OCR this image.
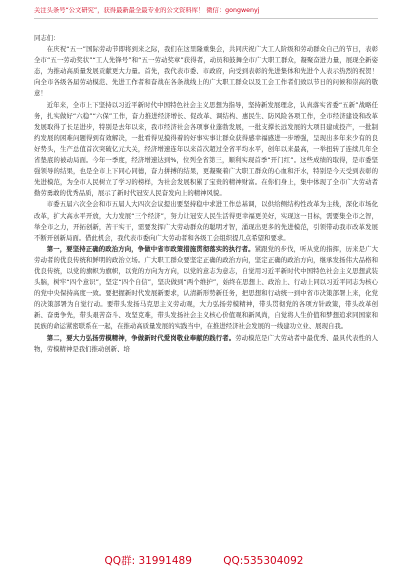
关注头条号“公文研究”，获得最新最全最专业的公文资料库！ 微信：gongwenyj

同志们：

在庆祝“五一”国际劳动节即将到来之际，我们在这里隆重集会，共同庆祝广大工人阶级和劳动群众自己的节日，表彰全市“五一劳动奖状”“工人先锋号”和“五一劳动奖章”获得者，动员和鼓舞全市广大职工群众，凝聚奋进力量，展现全新姿态，为推动高质量发展贡献更大力量。首先，我代表市委、市政府，向受到表彰的先进集体和先进个人表示热烈的祝贺！向全市各级各届劳动模范、先进工作者和奋战在各条战线上的广大职工群众以及工会工作者们致以节日的问候和崇高的敬意！

近年来，全市上下坚持以习近平新时代中国特色社会主义思想为指导，坚持新发展理念，认真落实省委“五新”战略任务，扎实做好“六稳”“六保”工作，奋力推进经济增长、促改革、调结构、惠民生、防风险各项工作，全市经济建设和改革发展取得了长足进步，特别是去年以来，我市经济社会各项事业蓬勃发展，一批支撑长远发展的大项目建成投产，一批制约发展的困难问题得到有效解决，一批看得见摸得着的好事实事让群众获得感幸福感进一步增强，呈现出多年来少有的良好势头，生产总值首次突破亿元大关，经济增速连年以来首次超过全省平均水平，创年以来最高，一举扭转了连续几年全省垫底的被动局面。今年一季度，经济增速达到%，位列全省第三，顺利实现首季“开门红”。这些成绩的取得，是市委坚强领导的结果，也是全市上下同心同德，奋力拼搏的结果，更凝聚着广大职工群众的心血和汗水，特别是今天受到表彰的先进模范，为全市人民树立了学习的榜样，为社会发展积累了宝贵的精神财富。在你们身上，集中体现了全市广大劳动者勤劳勇敢的优秀品质，展示了新时代冠安人民奋发向上的精神风貌。

市委五届六次全会和市五届人大四次会议提出要坚持稳中求进工作总基调，以供给侧结构性改革为主线，深化市场化改革，扩大高水平开放，大力发展“三个经济”，努力让冠安人民生活得更幸福更美好，实现这一目标，需要集全市之智，举全市之力，开拓创新，苦干实干，需要发挥广大劳动群众的聪明才智，涌现出更多的先进模范，引领带动我市改革发展不断开创新局面。借此机会，我代表市委向广大劳动者和各级工会组织提几点希望和要求。

第一，要坚持正确的政治方向，争做中省市政策措施贯彻落实的执行者。紧跟党的步伐，听从党的指挥，历来是广大劳动者的优良传统和鲜明的政治立场。广大职工群众要坚定正确的政治方向，坚定正确的政治方向，继承发扬伟大品格和优良传统，以党的旗帜为旗帜，以党的方向为方向，以党的意志为意志，自觉用习近平新时代中国特色社会主义思想武装头脑，树牢“四个意识”，坚定“四个自信”，坚决做到“两个维护”，始终在思想上、政治上、行动上同以习近平同志为核心的党中央保持高度一致。要把握新时代发展新要求，认清新形势新任务，把思想和行动统一到中省市决策部署上来，化党的决策部署为自觉行动。要带头发扬马克思主义劳动观，大力弘扬劳模精神，带头贯彻党的各项方针政策，带头改革创新、奋勇争先，带头艰苦奋斗、攻坚克难，带头发扬社会主义核心价值观和新风尚，自觉将人生价值和梦想追求同国家和民族的命运紧密联系在一起，在推动高质量发展的实践当中，在推进经济社会发展的一线建功立业、展现自我。

第二，要大力弘扬劳模精神，争做新时代爱岗敬业奉献的践行者。劳动模范是广大劳动者中最优秀、最具代表性的人物，劳模精神是我们推动创新、培

QQ群: 31991489	QQ:535304092
